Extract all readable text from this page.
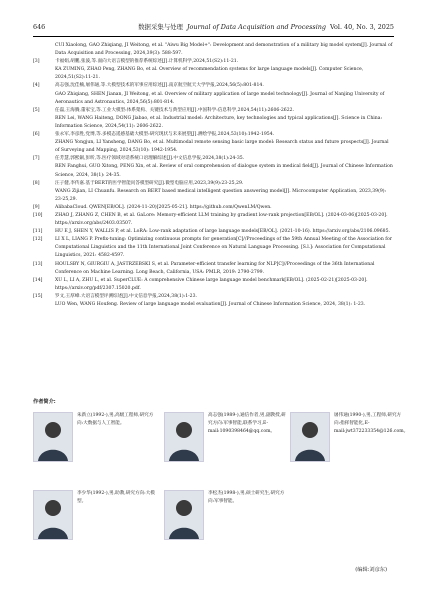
646	数据采集与处理 Journal of Data Acquisition and Processing Vol. 40, No. 3, 2025
CUI Xiaolong, GAO Zhiqiang, JI Weitong, et al. "Aiwu Big Model+": Development and demonstration of a military big model system[J]. Journal of Data Acquisition and Processing, 2024,39(3): 588-597.
[3]	卡福娟,胡鹏,张波,等.面向大语言模型的推荐系统综述[J].计算机科学,2024,51(S2):11-21.
KA ZUMING, ZHAO Peng, ZHANG Bo, et al. Overview of recommendation systems for large language models[J]. Computer Science, 2024,51(S2):11-21.
[4]	高志强,沈佳楠,屠伟通,等.大模型技术的军事应用综述[J].南京航空航天大学学报,2024,56(5):801-814.
GAO Zhiqiang, SHEN Jianan, JI Weitong, et al. Overview of military application of large model technology[J]. Journal of Nanjing University of Aeronautics and Astronautics, 2024,56(5):801-814.
[5]	任磊,王海腾,董家宝,等.工业大模型:体系架构、关键技术与典型应用[J].中国科学:信息科学,2024,54(11):2606-2622.
REN Lei, WANG Haiteng, DONG Jiabao, et al. Industrial model: Architecture, key technologies and typical applications[J]. Science in China: Information Science, 2024,54(11): 2606-2622.
[6]	张永军,李彦胜,党博,等.多模态遥感基础大模型:研究现状与未来展望[J].测绘学报,2024,53(10):1942-1954.
ZHANG Yongjun, LI Yansheng, DANG Bo, et al. Multimodal remote sensing basic large model: Research status and future prospects[J]. Journal of Surveying and Mapping, 2024,53(10): 1942-1954.
[7]	任芳慧,郭熙铜,彭昕,等.医疗领域对话系统口语理解综述[J].中文信息学报,2024,38(1):24-35.
REN Fanghui, GUO Xitong, PENG Xin, et al. Review of oral comprehension of dialogue system in medical field[J]. Journal of Chinese Information Science, 2024, 38(1): 24-35.
[8]	汪子健,李传嘉.基于BERT的医学智能问答模型研究[J].微型电脑应用,2023,39(9):23-25,29.
WANG Zijian, LI Chuanfu. Research on BERT based medical intelligent question answering model[J]. Microcomputer Application, 2023,39(9): 23-25,29.
[9]	AlibabaCloud. QWEN[EB/OL]. (2024-11-20)[2025-05-21]. https://github.com/QwenLM/Qwen.
[10]	ZHAO J, ZHANG Z, CHEN B, et al. GaLore: Memory-efficient LLM training by gradient low-rank projection[EB/OL]. (2024-03-06)[2025-03-20]. https://arxiv.org/abs/2403.03507.
[11]	HU E J, SHEN Y, WALLIS P, et al. LoRA: Low-rank adaptation of large language models[EB/OL]. (2021-10-16). https://arxiv.org/abs/2106.09685.
[12]	LI X L, LIANG P. Prefix-tuning: Optimizing continuous prompts for generation[C]//Proceedings of the 59th Annual Meeting of the Association for Computational Linguistics and the 11th International Joint Conference on Natural Language Processing. [S.l.]: Association for Computational Linguistics, 2021: 4582-4597.
[13]	HOULSBY N, GIURGIU A, JASTRZEBSKI S, et al. Parameter-efficient transfer learning for NLP[C]//Proceedings of the 36th International Conference on Machine Learning. Long Beach, California, USA: PMLR, 2019: 2790-2799.
[14]	XU L, LI A, ZHU L, et al. SuperCLUE: A comprehensive Chinese large language model benchmark[EB/OL]. (2025-02-21)[2025-03-20]. https://arxiv.org/pdf/2307.15020.pdf.
[15]	罗文,王厚峰.大语言模型评测综述[J].中文信息学报,2024,38(1):1-23.
LUO Wen, WANG Houfeng. Review of large language model evaluation[J]. Journal of Chinese Information Science, 2024, 38(1): 1-23.
作者简介:
朱新立(1992-),男,高级工程师,研究方向:大数据与人工智能。
高志强(1989-),通信作者,男,副教授,研究方向:军事智能,联系学习,E-mail:1090398464@qq.com。
屠伟通(1990-),男,工程师,研究方向:指挥智能化,E-mail:jwt372233354@126.com。
李少华(1992-),男,助教,研究方向:大模型。
李松杰(1998-),男,硕士研究生,研究方向:军事智能。
(编辑:刘彦东)
